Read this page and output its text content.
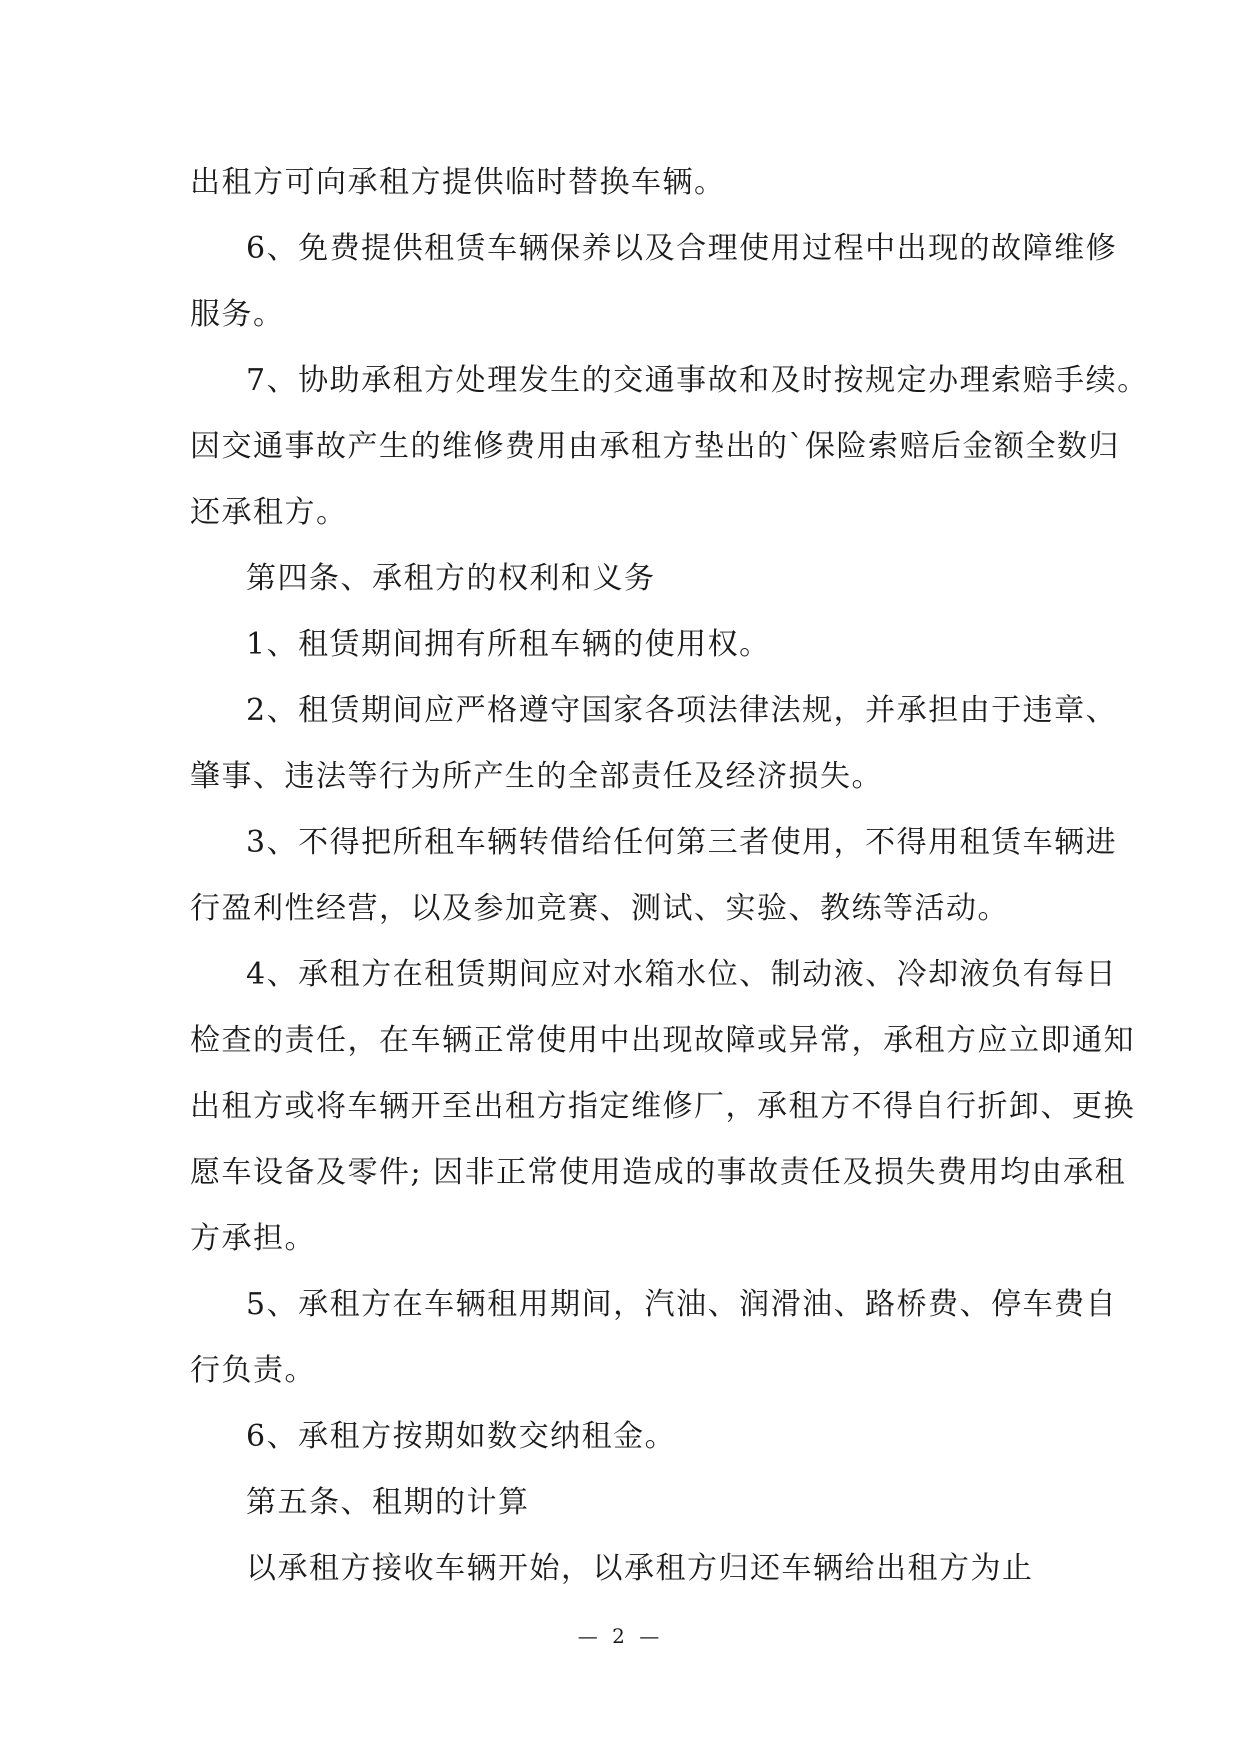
出租方可向承租方提供临时替换车辆。
6、免费提供租赁车辆保养以及合理使用过程中出现的故障维修
服务。
7、协助承租方处理发生的交通事故和及时按规定办理索赔手续。
因交通事故产生的维修费用由承租方垫出的`保险索赔后金额全数归
还承租方。
第四条、承租方的权利和义务
1、租赁期间拥有所租车辆的使用权。
2、租赁期间应严格遵守国家各项法律法规，并承担由于违章、
肇事、违法等行为所产生的全部责任及经济损失。
3、不得把所租车辆转借给任何第三者使用，不得用租赁车辆进
行盈利性经营，以及参加竞赛、测试、实验、教练等活动。
4、承租方在租赁期间应对水箱水位、制动液、冷却液负有每日
检查的责任，在车辆正常使用中出现故障或异常，承租方应立即通知
出租方或将车辆开至出租方指定维修厂，承租方不得自行折卸、更换
愿车设备及零件; 因非正常使用造成的事故责任及损失费用均由承租
方承担。
5、承租方在车辆租用期间，汽油、润滑油、路桥费、停车费自
行负责。
6、承租方按期如数交纳租金。
第五条、租期的计算
以承租方接收车辆开始，以承租方归还车辆给出租方为止
— 2 —
